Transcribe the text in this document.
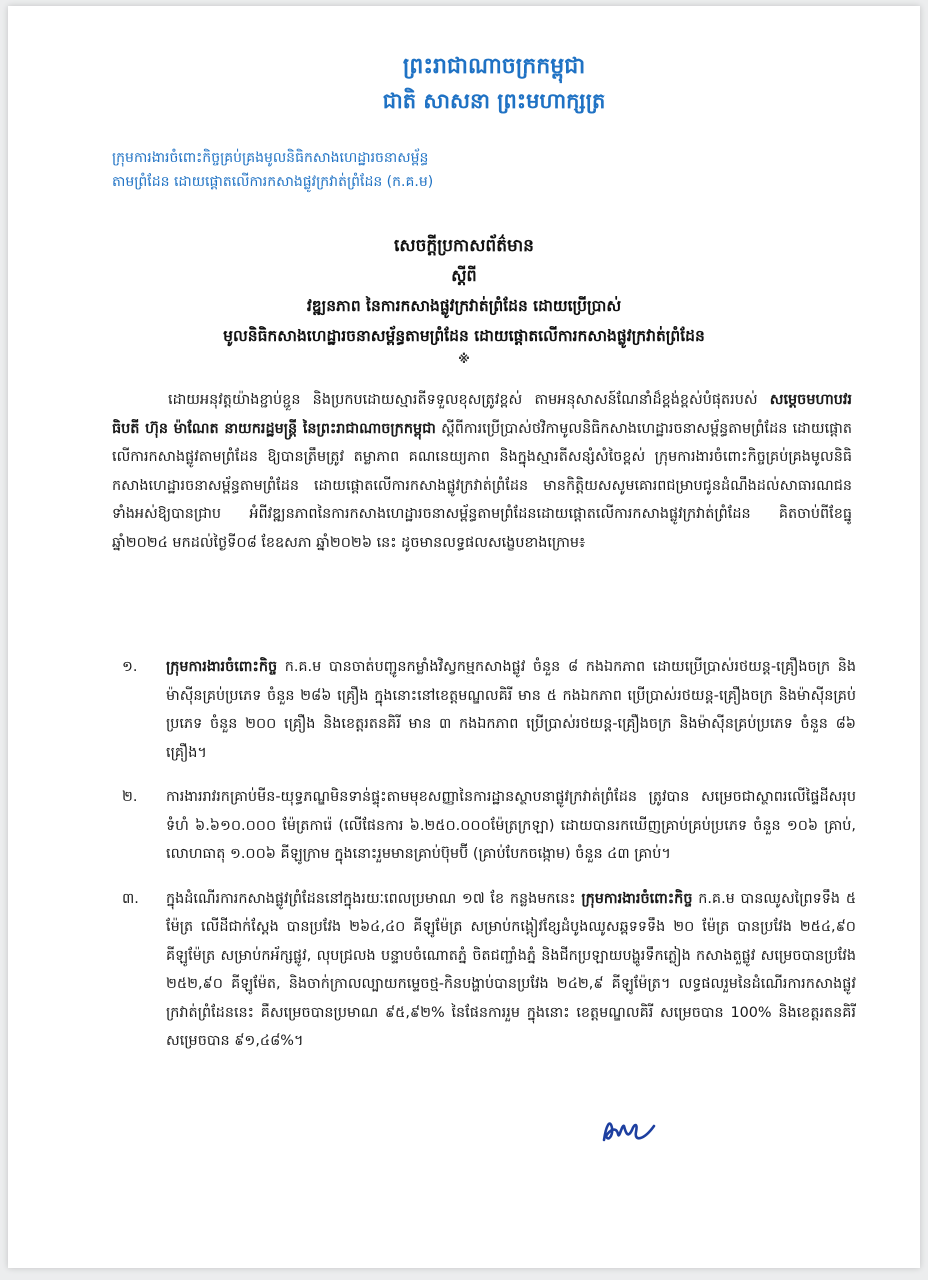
ព្រះរាជាណាចក្រកម្ពុជា
ជាតិ សាសនា ព្រះមហាក្សត្រ
ក្រុមការងារចំពោះកិច្ចគ្រប់គ្រងមូលនិធិកសាងហេដ្ឋារចនាសម្ព័ន្ធតាមព្រំដែន ដោយផ្តោតលើការកសាងផ្លូវក្រវាត់ព្រំដែន (ក.គ.ម)
សេចក្តីប្រកាសព័ត៌មាន
ស្តីពី
វឌ្ឍនភាព នៃការកសាងផ្លូវក្រវាត់ព្រំដែន ដោយប្រើប្រាស់
មូលនិធិកសាងហេដ្ឋារចនាសម្ព័ន្ធតាមព្រំដែន ដោយផ្តោតលើការកសាងផ្លូវក្រវាត់ព្រំដែន
※
ដោយអនុវត្តយ៉ាងខ្ជាប់ខ្ជួន និងប្រកបដោយស្មារតីទទួលខុសត្រូវខ្ពស់ តាមអនុសាសន៍ណែនាំដ៏ខ្ពង់ខ្ពស់បំផុតរបស់ សម្តេចមហាបវរធិបតី ហ៊ុន ម៉ាណែត នាយករដ្ឋមន្ត្រី នៃព្រះរាជាណាចក្រកម្ពុជា ស្តីពីការប្រើប្រាស់ថវិកាមូលនិធិកសាងហេដ្ឋារចនាសម្ព័ន្ធតាមព្រំដែន ដោយផ្តោតលើការកសាងផ្លូវតាមព្រំដែន ឱ្យបានត្រឹមត្រូវ តម្លាភាព គណនេយ្យភាព និងក្នុងស្មារតីសន្សំសំចៃខ្ពស់ ក្រុមការងារចំពោះកិច្ចគ្រប់គ្រងមូលនិធិកសាងហេដ្ឋារចនាសម្ព័ន្ធតាមព្រំដែន ដោយផ្តោតលើការកសាងផ្លូវក្រវាត់ព្រំដែន មានកិត្តិយសសូមគោរពជម្រាបជូនដំណឹងដល់សាធារណជនទាំងអស់ឱ្យបានជ្រាប អំពីវឌ្ឍនភាពនៃការកសាងហេដ្ឋារចនាសម្ព័ន្ធតាមព្រំដែនដោយផ្តោតលើការកសាងផ្លូវក្រវាត់ព្រំដែន គិតចាប់ពីខែធ្នូ ឆ្នាំ២០២៤ មកដល់ថ្ងៃទី០៨ ខែឧសភា ឆ្នាំ២០២៦ នេះ ដូចមានលទ្ធផលសង្ខេបខាងក្រោម៖
១. ក្រុមការងារចំពោះកិច្ច ក.គ.ម បានចាត់បញ្ជូនកម្លាំងវិស្វកម្មកសាងផ្លូវ ចំនួន ៨ កងឯកភាព ដោយប្រើប្រាស់រថយន្ត-គ្រឿងចក្រ និងម៉ាស៊ីនគ្រប់ប្រភេទ ចំនួន ២៨៦ គ្រឿង ក្នុងនោះនៅខេត្តមណ្ឌលគិរី មាន ៥ កងឯកភាព ប្រើប្រាស់រថយន្ត-គ្រឿងចក្រ និងម៉ាស៊ីនគ្រប់ប្រភេទ ចំនួន ២០០ គ្រឿង និងខេត្តរតនគិរី មាន ៣ កងឯកភាព ប្រើប្រាស់រថយន្ត-គ្រឿងចក្រ និងម៉ាស៊ីនគ្រប់ប្រភេទ ចំនួន ៨៦ គ្រឿង។
២. ការងាររាវរកគ្រាប់មីន-យុទ្ធភណ្ឌមិនទាន់ផ្ទុះតាមមុខសញ្ញានៃការដ្ឋានស្ថាបនាផ្លូវក្រវាត់ព្រំដែន ត្រូវបាន សម្រេចជាស្ថាពរលើផ្ទៃដីសរុបទំហំ ៦.៦១០.០០០ ម៉ែត្រការ៉េ (លើផែនការ ៦.២៥០.០០០ម៉ែត្រក្រឡា) ដោយបានរកឃើញគ្រាប់គ្រប់ប្រភេទ ចំនួន ១០៦ គ្រាប់, លោហធាតុ ១.០០៦ គីឡូក្រាម ក្នុងនោះរួមមានគ្រាប់ប៊ុមប៊ី (គ្រាប់បែកចង្កោម) ចំនួន ៤៣ គ្រាប់។
៣. ក្នុងដំណើរការកសាងផ្លូវព្រំដែននៅក្នុងរយៈពេលប្រមាណ ១៧ ខែ កន្លងមកនេះ ក្រុមការងារចំពោះកិច្ច ក.គ.ម បានឈូសព្រៃទទឹង ៥ ម៉ែត្រ លើដីជាក់ស្តែង បានប្រវែង ២៦៤,៤០ គីឡូម៉ែត្រ សម្រាប់កង្តៀវខ្សែដំបូងឈូសឆ្ពទទទឹង ២០ ម៉ែត្រ បានប្រវែង ២៥៤,៩០ គីឡូម៉ែត្រ សម្រាប់កអ័ក្សផ្លូវ, លុបជ្រលង បន្ទាបចំណោតភ្នំ ចិតជញ្ជាំងភ្នំ និងជីកប្រឡាយបង្ហូរទឹកភ្លៀង កសាងតួផ្លូវ សម្រេចបានប្រវែង ២៥២,៩០ គីឡូម៉ែត, និងចាក់ក្រាលល្បាយកម្ទេចថ្ម-កិនបង្ហាប់បានប្រវែង ២៤២,៩ គីឡូម៉ែត្រ។ លទ្ធផលរួមនៃដំណើរការកសាងផ្លូវក្រវាត់ព្រំដែននេះ គឺសម្រេចបានប្រមាណ ៩៥,៩២% នៃផែនការរួម ក្នុងនោះ ខេត្តមណ្ឌលគិរី សម្រេចបាន 100% និងខេត្តរតនគិរី សម្រេចបាន ៩១,៤៨%។
